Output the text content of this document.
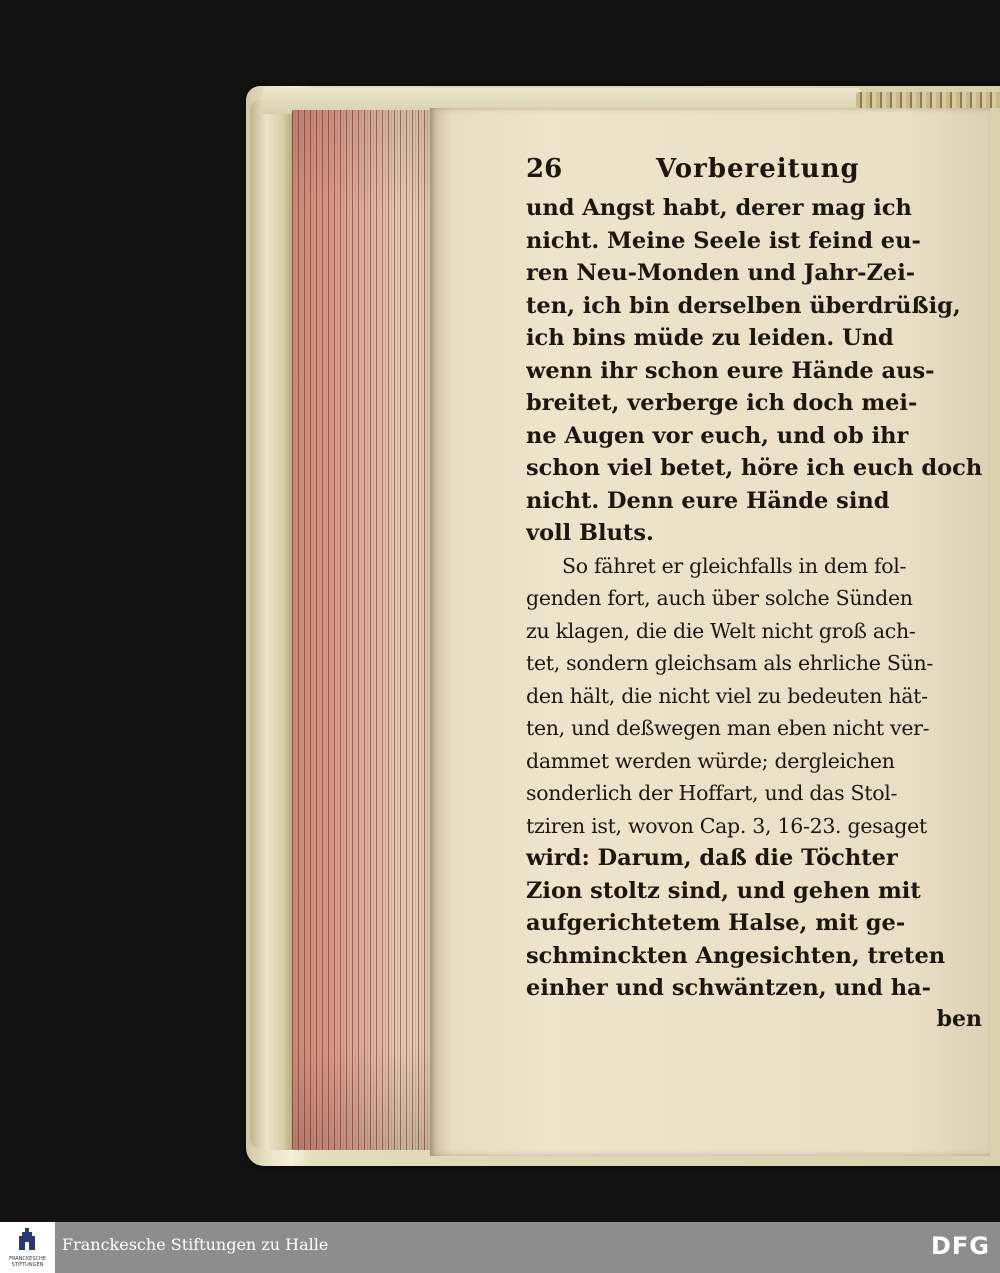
26	Vorbereitung
und Angst habt, derer mag ich
nicht. Meine Seele ist feind eu-
ren Neu-Monden und Jahr-Zei-
ten, ich bin derselben überdrüßig,
ich bins müde zu leiden. Und
wenn ihr schon eure Hände aus-
breitet, verberge ich doch mei-
ne Augen vor euch, und ob ihr
schon viel betet, höre ich euch doch
nicht. Denn eure Hände sind
voll Bluts.
So fähret er gleichfalls in dem fol-
genden fort, auch über solche Sünden
zu klagen, die die Welt nicht groß ach-
tet, sondern gleichsam als ehrliche Sün-
den hält, die nicht viel zu bedeuten hät-
ten, und deßwegen man eben nicht ver-
dammet werden würde; dergleichen
sonderlich der Hoffart, und das Stol-
tziren ist, wovon Cap. 3, 16-23. gesaget
wird: Darum, daß die Töchter
Zion stoltz sind, und gehen mit
aufgerichtetem Halse, mit ge-
schminckten Angesichten, treten
einher und schwäntzen, und ha-
ben
FRANCKESCHE STIFTUNGEN
Franckesche Stiftungen zu Halle	DFG
